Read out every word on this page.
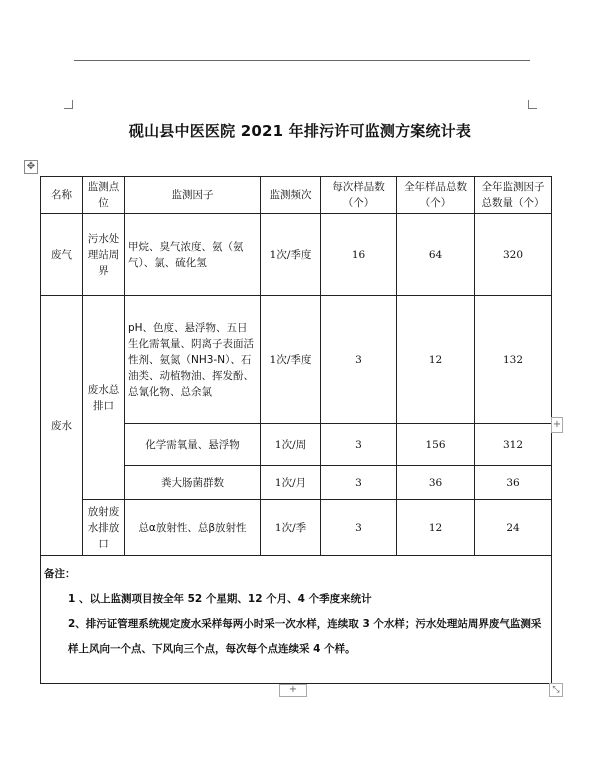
砚山县中医医院 2021 年排污许可监测方案统计表
✥
名称	监测点位	监测因子	监测频次	每次样品数（个）	全年样品总数（个）	全年监测因子总数量（个）
废气	污水处理站周界	甲烷、臭气浓度、氨（氨气）、氯、硫化氢	1次/季度	16	64	320
废水	废水总排口	pH、色度、悬浮物、五日生化需氧量、阴离子表面活性剂、氨氮（NH3-N）、石油类、动植物油、挥发酚、总氰化物、总余氯	1次/季度	3	12	132
		化学需氧量、悬浮物	1次/周	3	156	312
		粪大肠菌群数	1次/月	3	36	36
	放射废水排放口	总α放射性、总β放射性	1次/季	3	12	24

备注：
1 、以上监测项目按全年 52 个星期、12 个月、4 个季度来统计
2、排污证管理系统规定废水采样每两小时采一次水样，连续取 3 个水样；污水处理站周界废气监测采样上风向一个点、下风向三个点，每次每个点连续采 4 个样。						
+
+	⤡
